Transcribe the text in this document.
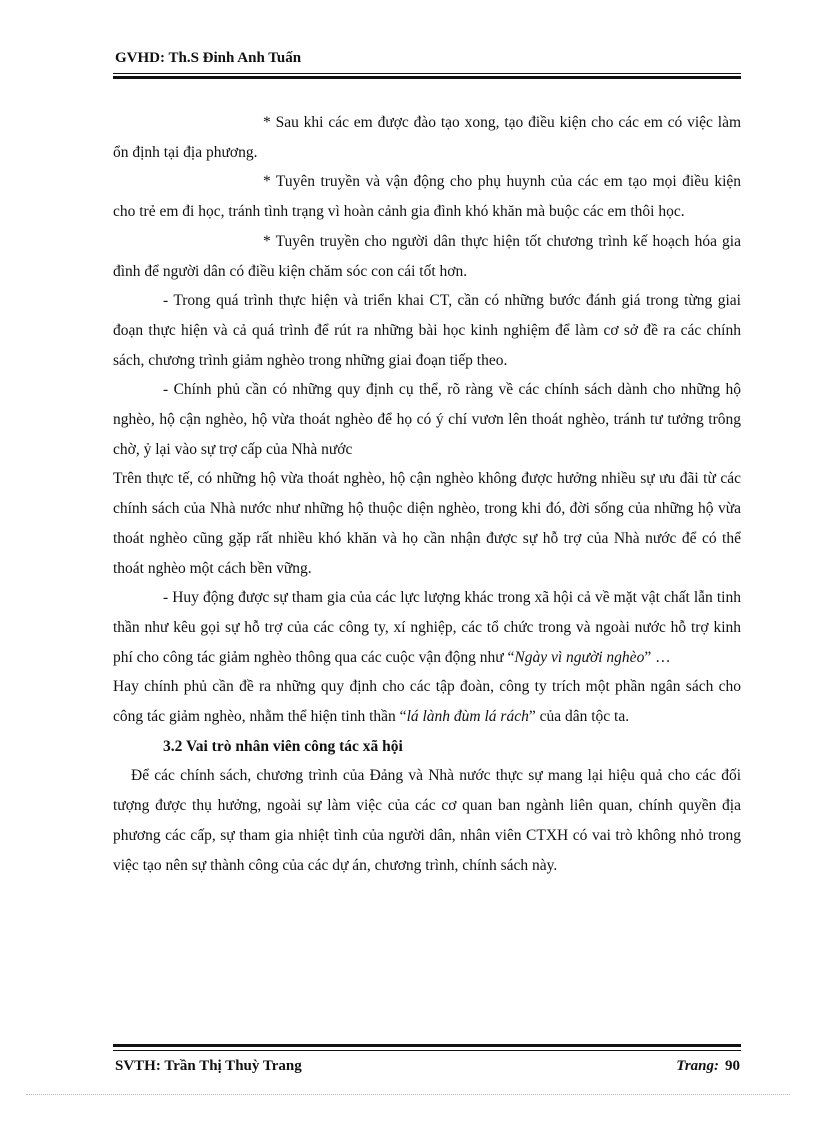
GVHD: Th.S Đinh Anh Tuấn

* Sau khi các em được đào tạo xong, tạo điều kiện cho các em có việc làm ổn định tại địa phương.

* Tuyên truyền và vận động cho phụ huynh của các em tạo mọi điều kiện cho trẻ em đi học, tránh tình trạng vì hoàn cảnh gia đình khó khăn mà buộc các em thôi học.

* Tuyên truyền cho người dân thực hiện tốt chương trình kế hoạch hóa gia đình để người dân có điều kiện chăm sóc con cái tốt hơn.

- Trong quá trình thực hiện và triển khai CT, cần có những bước đánh giá trong từng giai đoạn thực hiện và cả quá trình để rút ra những bài học kinh nghiệm để làm cơ sở đề ra các chính sách, chương trình giảm nghèo trong những giai đoạn tiếp theo.

- Chính phủ cần có những quy định cụ thể, rõ ràng về các chính sách dành cho những hộ nghèo, hộ cận nghèo, hộ vừa thoát nghèo để họ có ý chí vươn lên thoát nghèo, tránh tư tưởng trông chờ, ỷ lại vào sự trợ cấp của Nhà nước

Trên thực tế, có những hộ vừa thoát nghèo, hộ cận nghèo không được hưởng nhiều sự ưu đãi từ các chính sách của Nhà nước như những hộ thuộc diện nghèo, trong khi đó, đời sống của những hộ vừa thoát nghèo cũng gặp rất nhiều khó khăn và họ cần nhận được sự hỗ trợ của Nhà nước để có thể thoát nghèo một cách bền vững.

- Huy động được sự tham gia của các lực lượng khác trong xã hội cả về mặt vật chất lẫn tinh thần như kêu gọi sự hỗ trợ của các công ty, xí nghiệp, các tổ chức trong và ngoài nước hỗ trợ kinh phí cho công tác giảm nghèo thông qua các cuộc vận động như “Ngày vì người nghèo” …

Hay chính phủ cần đề ra những quy định cho các tập đoàn, công ty trích một phần ngân sách cho công tác giảm nghèo, nhằm thể hiện tinh thần “lá lành đùm lá rách” của dân tộc ta.

3.2 Vai trò nhân viên công tác xã hội

Để các chính sách, chương trình của Đảng và Nhà nước thực sự mang lại hiệu quả cho các đối tượng được thụ hưởng, ngoài sự làm việc của các cơ quan ban ngành liên quan, chính quyền địa phương các cấp, sự tham gia nhiệt tình của người dân, nhân viên CTXH có vai trò không nhỏ trong việc tạo nên sự thành công của các dự án, chương trình, chính sách này.

SVTH: Trần Thị Thuỳ Trang	Trang: 90
